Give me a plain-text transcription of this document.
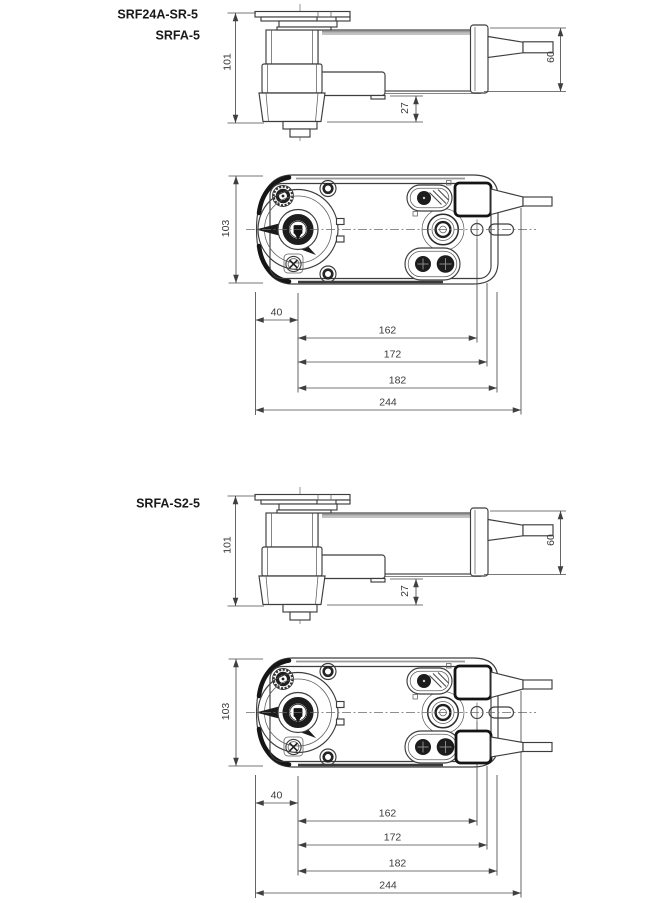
SRF24A-SR-5
SRFA-5
101	60
27
103
40
162
172
182
244
SRFA-S2-5
101	60
27
103
40
162
172
182
244
